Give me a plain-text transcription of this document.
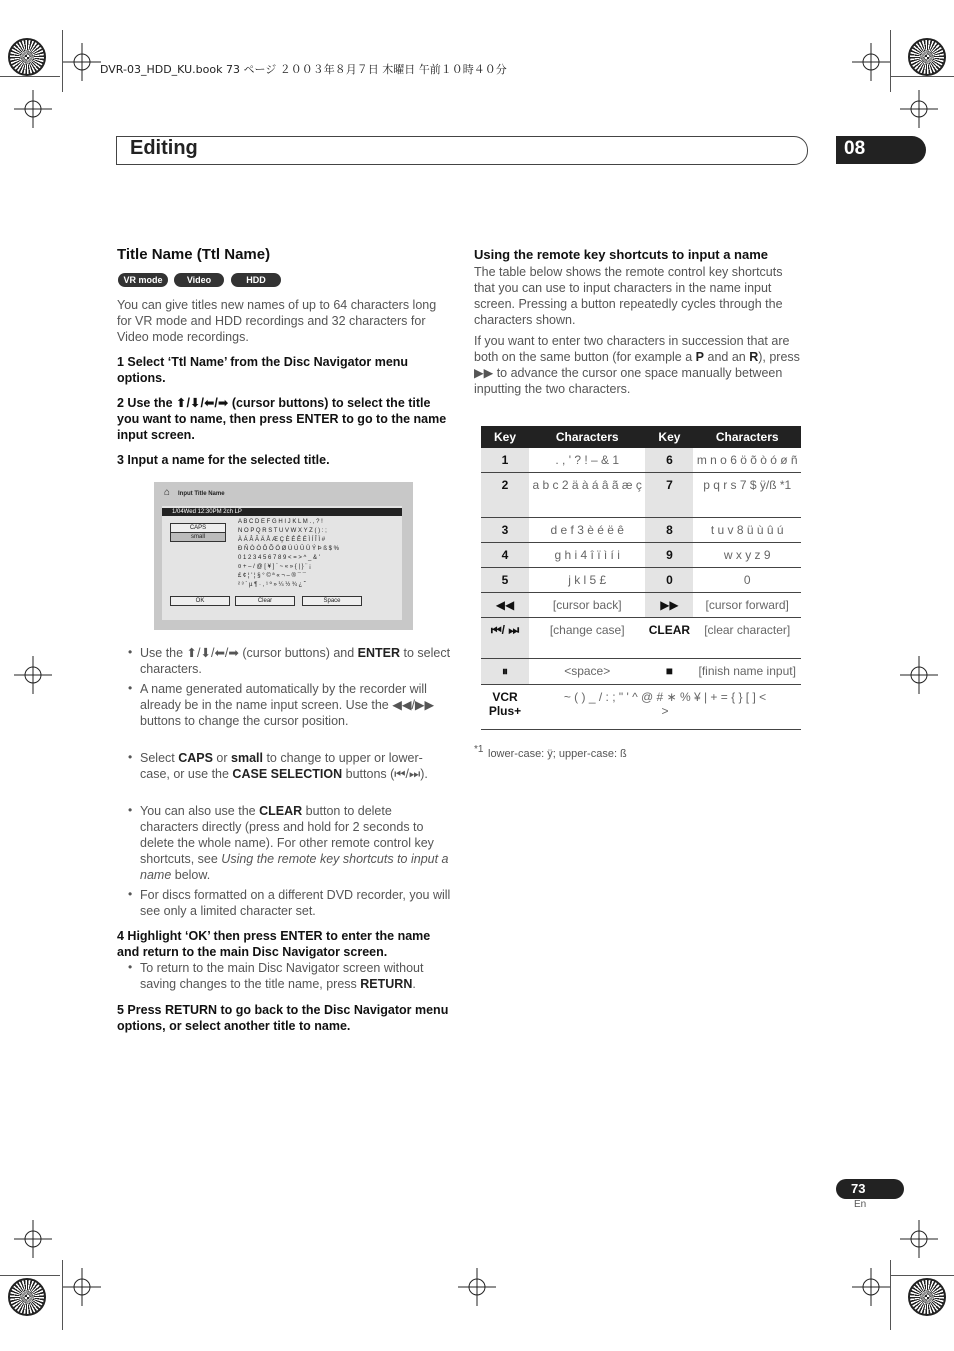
DVR-03_HDD_KU.book 73 ページ ２００３年８月７日 木曜日 午前１０時４０分
Editing	08
Title Name (Ttl Name)
VR mode	Video mode
HDD
You can give titles new names of up to 64 characters long for VR mode and HDD recordings and 32 characters for Video mode recordings.
1 Select ‘Ttl Name’ from the Disc Navigator menu options.
2 Use the ⬆/⬇/⬅/➡ (cursor buttons) to select the title you want to name, then press ENTER to go to the name input screen.
3 Input a name for the selected title.
⌂ Input Title Name
1/04Wed 12:30PM 2ch LP
CAPS
small
A B C D E F G H I J K L M . , ? !
N O P Q R S T U V W X Y Z ( ) : ;
À Á Â Ã Ä Å Æ Ç È É Ê Ë Ì Í Î Ï #
Ð Ñ Ò Ó Ô Õ Ö Ø Ù Ú Û Ü Ý Þ ß $ %
0 1 2 3 4 5 6 7 8 9 < = > ^ _ & '
¤ + – / @ [ ¥ ] ` ~ « » { | } ¨ ¡
£ ¢ ¦ ' ¦ § ° © ª « ¬ – ® ¯ ¯
² ³ ´ µ ¶ · , ¹ º » ¼ ½ ¾ ¿ ˘
OK	Clear	Space
• Use the ⬆/⬇/⬅/➡ (cursor buttons) and ENTER to select characters.
• A name generated automatically by the recorder will already be in the name input screen. Use the ◀◀/▶▶ buttons to change the cursor position.
• Select CAPS or small to change to upper or lower-case, or use the CASE SELECTION buttons (⏮/⏭).
• You can also use the CLEAR button to delete characters directly (press and hold for 2 seconds to delete the whole name). For other remote control key shortcuts, see Using the remote key shortcuts to input a name below.
• For discs formatted on a different DVD recorder, you will see only a limited character set.
4 Highlight ‘OK’ then press ENTER to enter the name and return to the main Disc Navigator screen.
• To return to the main Disc Navigator screen without saving changes to the title name, press RETURN.
5 Press RETURN to go back to the Disc Navigator menu options, or select another title to name.
Using the remote key shortcuts to input a name
The table below shows the remote control key shortcuts that you can use to input characters in the name input screen. Pressing a button repeatedly cycles through the characters shown.
If you want to enter two characters in succession that are both on the same button (for example a P and an R), press ▶▶ to advance the cursor one space manually between inputting the two characters.
Key	Characters	Key	Characters
1	. , ' ? ! – & 1	6	m n o 6 ö õ ò ó ø ñ
2	a b c 2 ä à á â ã æ ç	7	p q r s 7 $ ÿ/ß *1
3	d e f 3 è é ë ê	8	t u v 8 ü ù û ú
4	g h i 4 î ï ì í i	9	w x y z 9
5	j k l 5 £	0	0
◀◀	[cursor back]	▶▶	[cursor forward]
⏮/ ⏭	[change case]	CLEAR	[clear character]
⏸	<space>	■	[finish name input]
VCR Plus+	~ ( ) _ / : ; " ' ^ @ # ∗ % ¥ | + = { } [ ] < >		
*1 lower-case: ÿ; upper-case: ß
73
En
